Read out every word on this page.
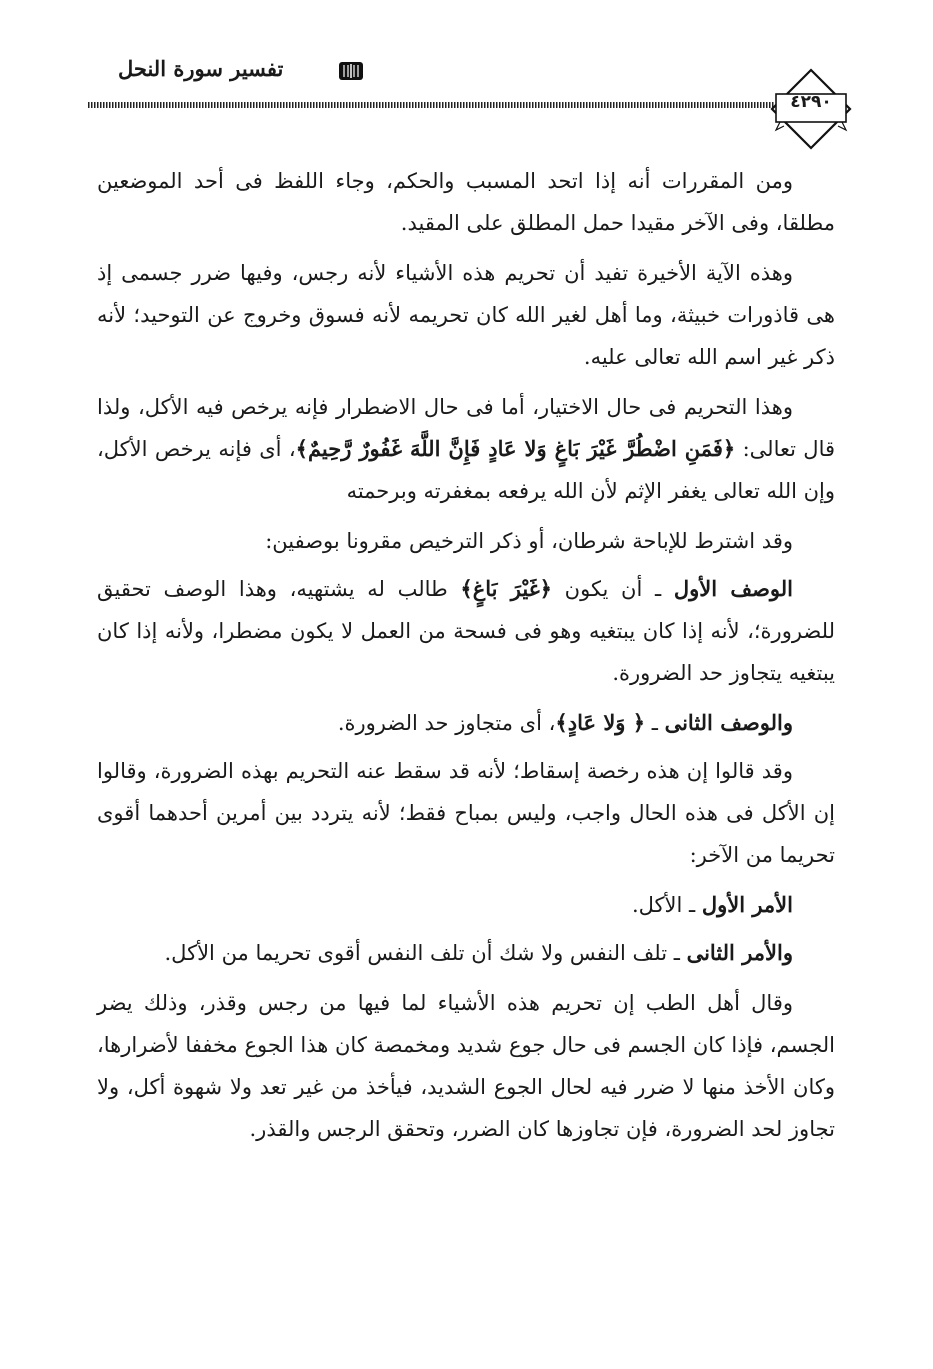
تفسير سورة النحل
٤٢٩٠

ومن المقررات أنه إذا اتحد المسبب والحكم، وجاء اللفظ فى أحد الموضعين مطلقا، وفى الآخر مقيدا حمل المطلق على المقيد.

وهذه الآية الأخيرة تفيد أن تحريم هذه الأشياء لأنه رجس، وفيها ضرر جسمى إذ هى قاذورات خبيثة، وما أهل لغير الله كان تحريمه لأنه فسوق وخروج عن التوحيد؛ لأنه ذكر غير اسم الله تعالى عليه.

وهذا التحريم فى حال الاختيار، أما فى حال الاضطرار فإنه يرخص فيه الأكل، ولذا قال تعالى: ﴿فَمَنِ اضْطُرَّ غَيْرَ بَاغٍ وَلا عَادٍ فَإِنَّ اللَّهَ غَفُورٌ رَّحِيمٌ﴾، أى فإنه يرخص الأكل، وإن الله تعالى يغفر الإثم لأن الله يرفعه بمغفرته وبرحمته

وقد اشترط للإباحة شرطان، أو ذكر الترخيص مقرونا بوصفين:

الوصف الأول ـ أن يكون ﴿غَيْرَ بَاغٍ﴾ طالب له يشتهيه، وهذا الوصف تحقيق للضرورة؛، لأنه إذا كان يبتغيه وهو فى فسحة من العمل لا يكون مضطرا، ولأنه إذا كان يبتغيه يتجاوز حد الضرورة.

والوصف الثانى ـ ﴿ وَلا عَادٍ﴾، أى متجاوز حد الضرورة.

وقد قالوا إن هذه رخصة إسقاط؛ لأنه قد سقط عنه التحريم بهذه الضرورة، وقالوا إن الأكل فى هذه الحال واجب، وليس بمباح فقط؛ لأنه يتردد بين أمرين أحدهما أقوى تحريما من الآخر:

الأمر الأول ـ الأكل.

والأمر الثانى ـ تلف النفس ولا شك أن تلف النفس أقوى تحريما من الأكل.

وقال أهل الطب إن تحريم هذه الأشياء لما فيها من رجس وقذر، وذلك يضر الجسم، فإذا كان الجسم فى حال جوع شديد ومخمصة كان هذا الجوع مخففا لأضرارها، وكان الأخذ منها لا ضرر فيه لحال الجوع الشديد، فيأخذ من غير تعد ولا شهوة أكل، ولا تجاوز لحد الضرورة، فإن تجاوزها كان الضرر، وتحقق الرجس والقذر.
